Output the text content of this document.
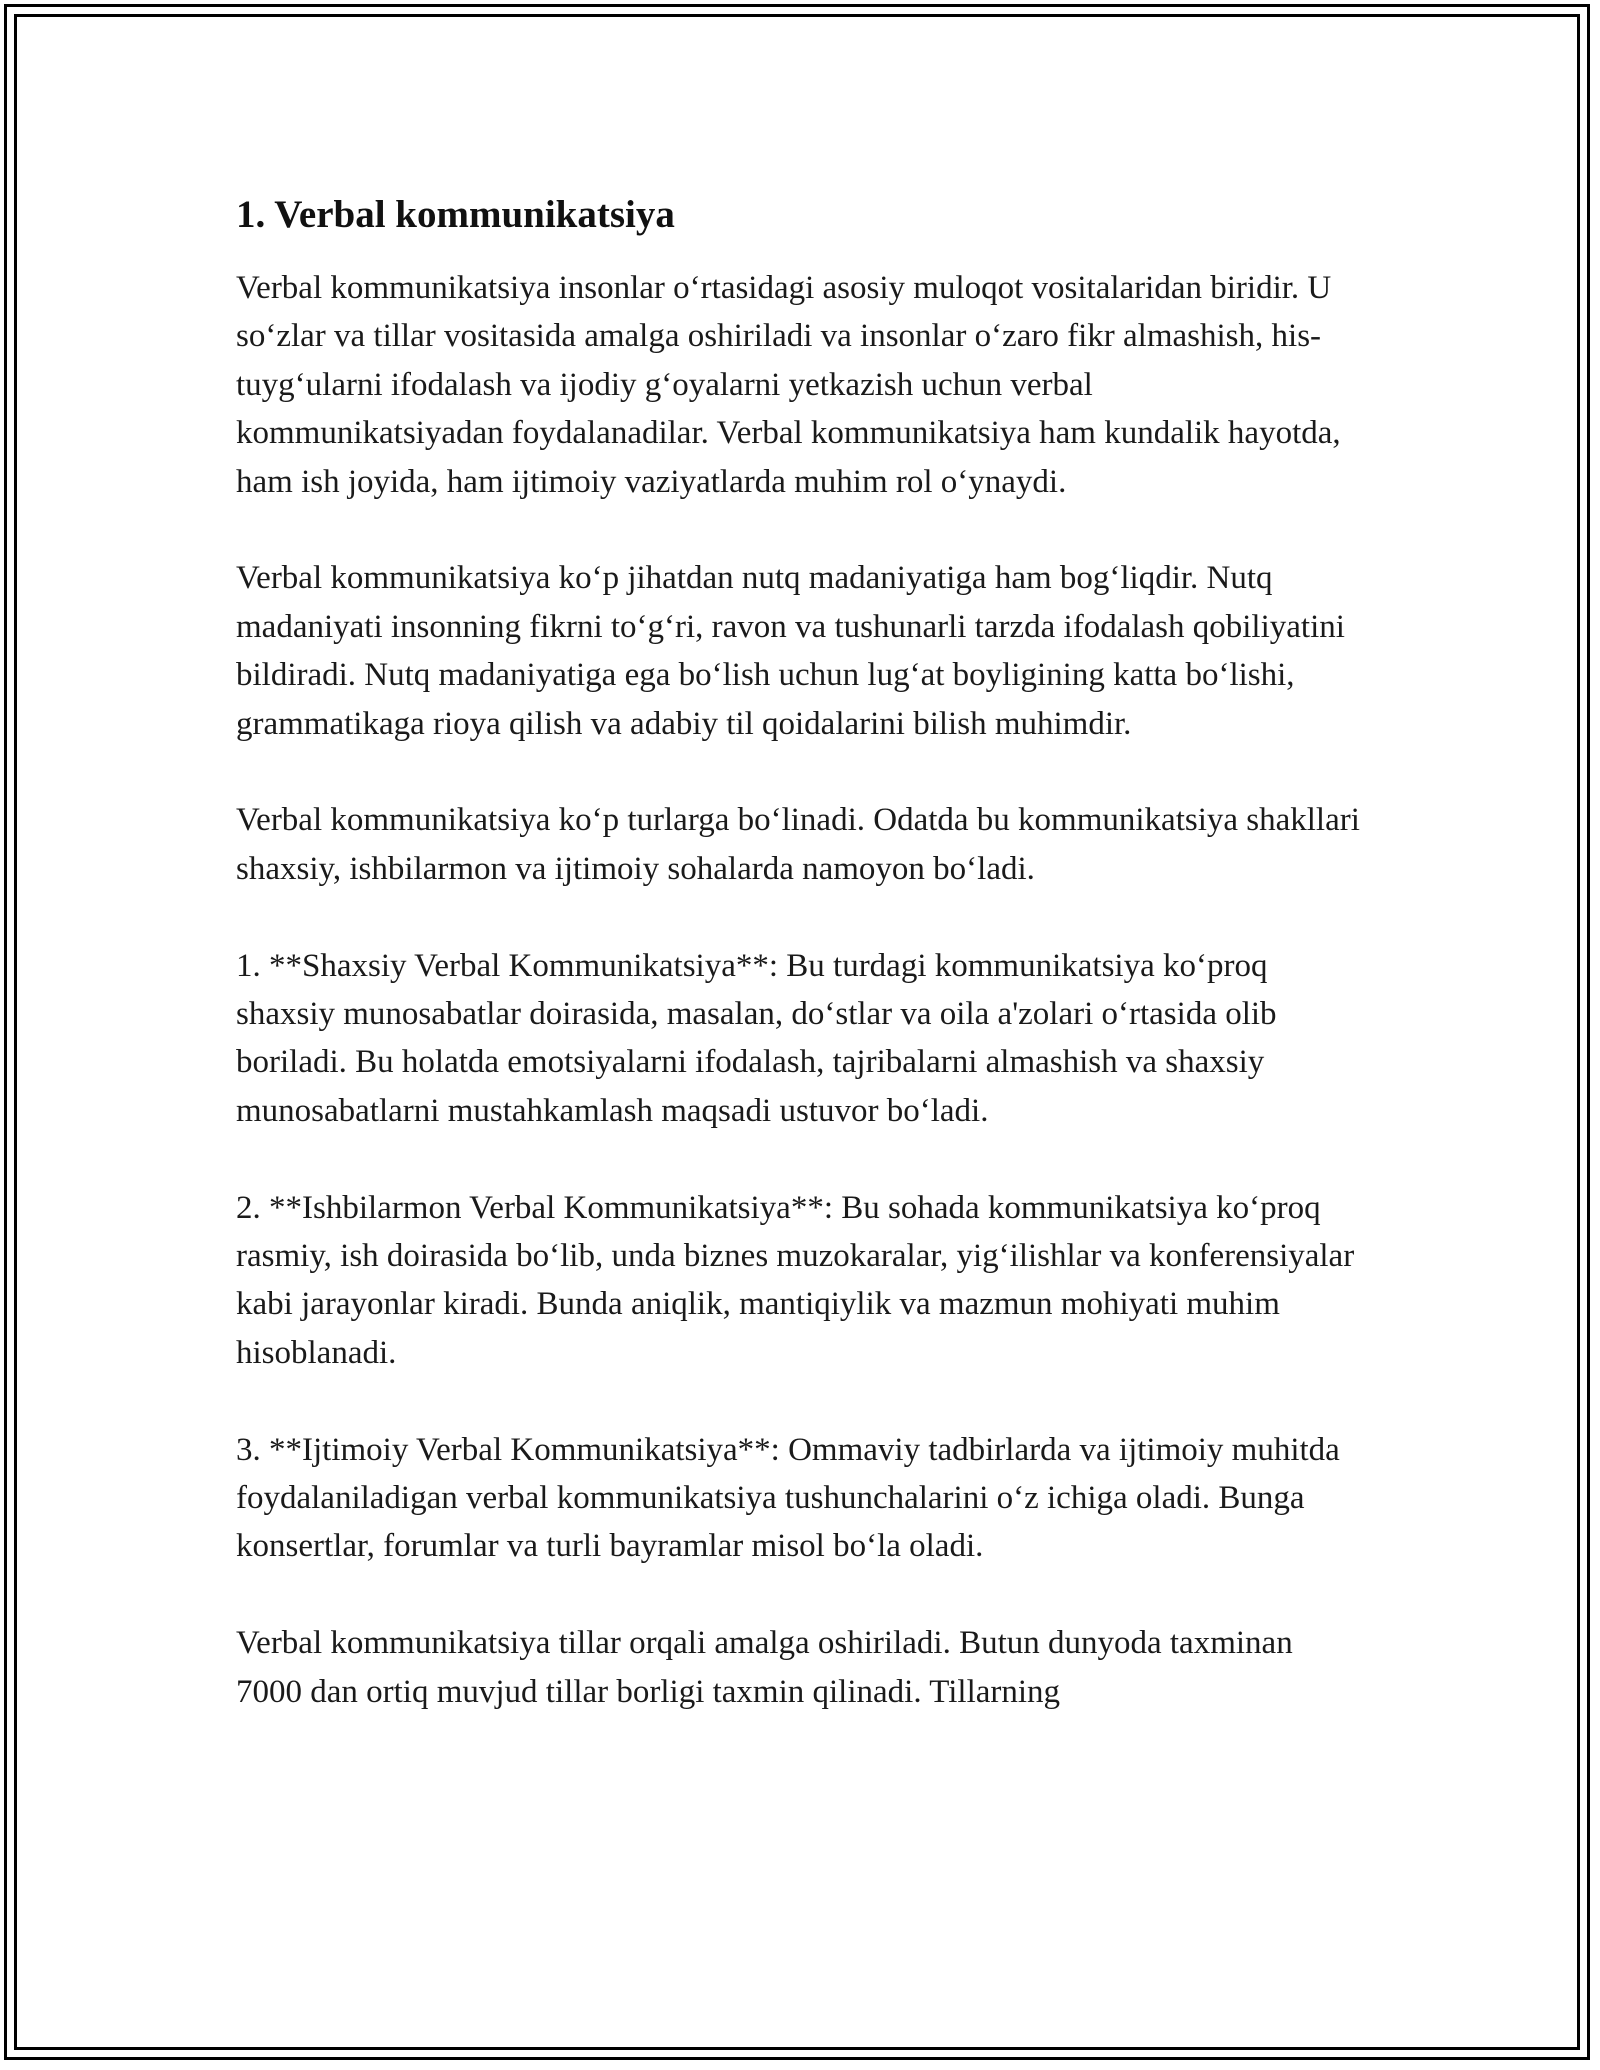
1. Verbal kommunikatsiya

Verbal kommunikatsiya insonlar o‘rtasidagi asosiy muloqot vositalaridan biridir. U so‘zlar va tillar vositasida amalga oshiriladi va insonlar o‘zaro fikr almashish, his-tuyg‘ularni ifodalash va ijodiy g‘oyalarni yetkazish uchun verbal kommunikatsiyadan foydalanadilar. Verbal kommunikatsiya ham kundalik hayotda, ham ish joyida, ham ijtimoiy vaziyatlarda muhim rol o‘ynaydi.

Verbal kommunikatsiya ko‘p jihatdan nutq madaniyatiga ham bog‘liqdir. Nutq madaniyati insonning fikrni to‘g‘ri, ravon va tushunarli tarzda ifodalash qobiliyatini bildiradi. Nutq madaniyatiga ega bo‘lish uchun lug‘at boyligining katta bo‘lishi, grammatikaga rioya qilish va adabiy til qoidalarini bilish muhimdir.

Verbal kommunikatsiya ko‘p turlarga bo‘linadi. Odatda bu kommunikatsiya shakllari shaxsiy, ishbilarmon va ijtimoiy sohalarda namoyon bo‘ladi.

1. **Shaxsiy Verbal Kommunikatsiya**: Bu turdagi kommunikatsiya ko‘proq shaxsiy munosabatlar doirasida, masalan, do‘stlar va oila a'zolari o‘rtasida olib boriladi. Bu holatda emotsiyalarni ifodalash, tajribalarni almashish va shaxsiy munosabatlarni mustahkamlash maqsadi ustuvor bo‘ladi.

2. **Ishbilarmon Verbal Kommunikatsiya**: Bu sohada kommunikatsiya ko‘proq rasmiy, ish doirasida bo‘lib, unda biznes muzokaralar, yig‘ilishlar va konferensiyalar kabi jarayonlar kiradi. Bunda aniqlik, mantiqiylik va mazmun mohiyati muhim hisoblanadi.

3. **Ijtimoiy Verbal Kommunikatsiya**: Ommaviy tadbirlarda va ijtimoiy muhitda foydalaniladigan verbal kommunikatsiya tushunchalarini o‘z ichiga oladi. Bunga konsertlar, forumlar va turli bayramlar misol bo‘la oladi.

Verbal kommunikatsiya tillar orqali amalga oshiriladi. Butun dunyoda taxminan 7000 dan ortiq muvjud tillar borligi taxmin qilinadi. Tillarning
